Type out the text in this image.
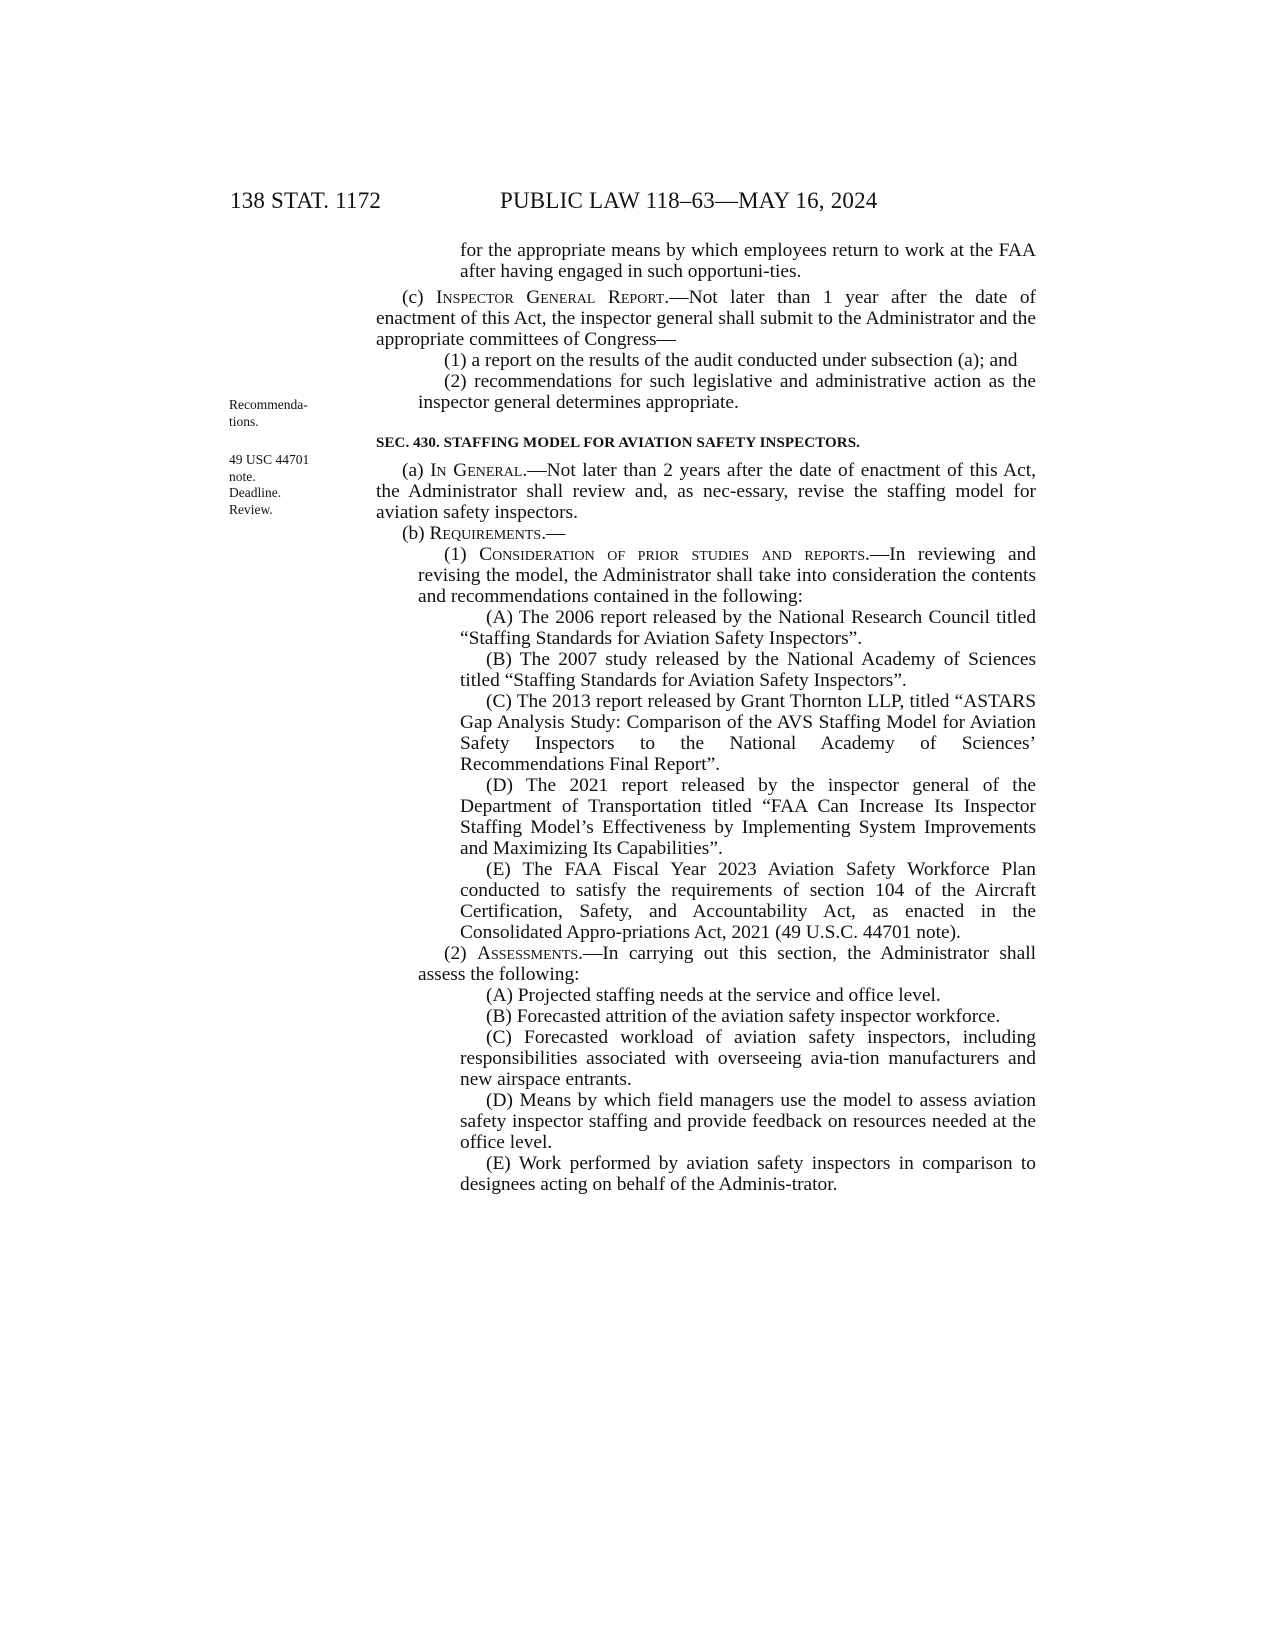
138 STAT. 1172	PUBLIC LAW 118–63—MAY 16, 2024
Recommenda-
tions.
49 USC 44701
note.
Deadline.
Review.

for the appropriate means by which employees return to work at the FAA after having engaged in such opportuni-ties.

(c) Inspector General Report.—Not later than 1 year after the date of enactment of this Act, the inspector general shall submit to the Administrator and the appropriate committees of Congress—

(1) a report on the results of the audit conducted under subsection (a); and

(2) recommendations for such legislative and administrative action as the inspector general determines appropriate.

SEC. 430. STAFFING MODEL FOR AVIATION SAFETY INSPECTORS.

(a) In General.—Not later than 2 years after the date of enactment of this Act, the Administrator shall review and, as nec-essary, revise the staffing model for aviation safety inspectors.

(b) Requirements.—

(1) Consideration of prior studies and reports.—In reviewing and revising the model, the Administrator shall take into consideration the contents and recommendations contained in the following:

(A) The 2006 report released by the National Research Council titled “Staffing Standards for Aviation Safety Inspectors”.

(B) The 2007 study released by the National Academy of Sciences titled “Staffing Standards for Aviation Safety Inspectors”.

(C) The 2013 report released by Grant Thornton LLP, titled “ASTARS Gap Analysis Study: Comparison of the AVS Staffing Model for Aviation Safety Inspectors to the National Academy of Sciences’ Recommendations Final Report”.

(D) The 2021 report released by the inspector general of the Department of Transportation titled “FAA Can Increase Its Inspector Staffing Model’s Effectiveness by Implementing System Improvements and Maximizing Its Capabilities”.

(E) The FAA Fiscal Year 2023 Aviation Safety Workforce Plan conducted to satisfy the requirements of section 104 of the Aircraft Certification, Safety, and Accountability Act, as enacted in the Consolidated Appro-priations Act, 2021 (49 U.S.C. 44701 note).

(2) Assessments.—In carrying out this section, the Administrator shall assess the following:

(A) Projected staffing needs at the service and office level.

(B) Forecasted attrition of the aviation safety inspector workforce.

(C) Forecasted workload of aviation safety inspectors, including responsibilities associated with overseeing avia-tion manufacturers and new airspace entrants.

(D) Means by which field managers use the model to assess aviation safety inspector staffing and provide feedback on resources needed at the office level.

(E) Work performed by aviation safety inspectors in comparison to designees acting on behalf of the Adminis-trator.
